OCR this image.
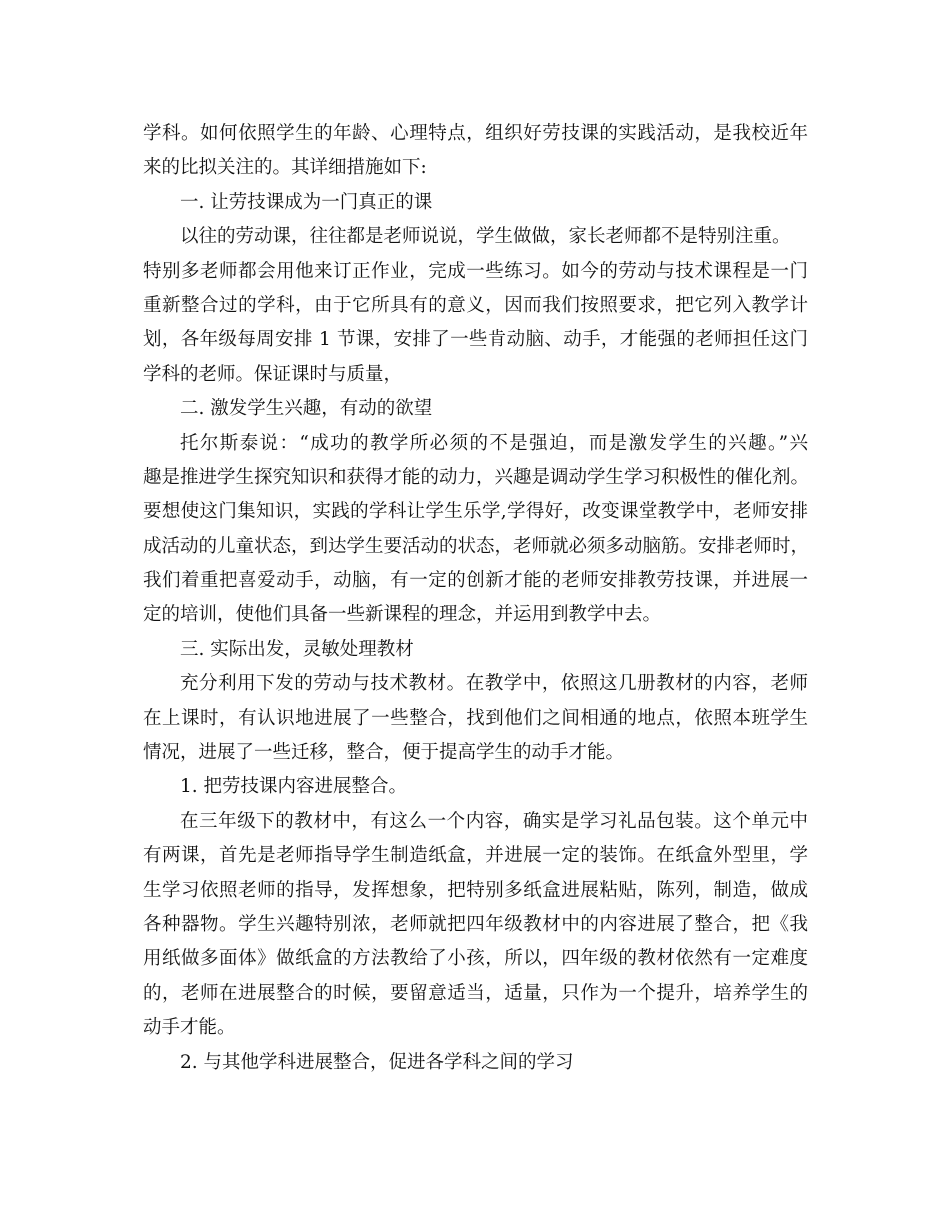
学科。如何依照学生的年龄、心理特点，组织好劳技课的实践活动，是我校近年
来的比拟关注的。其详细措施如下:
一. 让劳技课成为一门真正的课
以往的劳动课，往往都是老师说说，学生做做，家长老师都不是特别注重。
特别多老师都会用他来订正作业，完成一些练习。如今的劳动与技术课程是一门
重新整合过的学科，由于它所具有的意义，因而我们按照要求，把它列入教学计
划，各年级每周安排 1 节课，安排了一些肯动脑、动手，才能强的老师担任这门
学科的老师。保证课时与质量，
二. 激发学生兴趣，有动的欲望
托尔斯泰说：“成功的教学所必须的不是强迫，而是激发学生的兴趣。”兴
趣是推进学生探究知识和获得才能的动力，兴趣是调动学生学习积极性的催化剂。
要想使这门集知识，实践的学科让学生乐学,学得好，改变课堂教学中，老师安排
成活动的儿童状态，到达学生要活动的状态，老师就必须多动脑筋。安排老师时，
我们着重把喜爱动手，动脑，有一定的创新才能的老师安排教劳技课，并进展一
定的培训，使他们具备一些新课程的理念，并运用到教学中去。
三. 实际出发，灵敏处理教材
充分利用下发的劳动与技术教材。在教学中，依照这几册教材的内容，老师
在上课时，有认识地进展了一些整合，找到他们之间相通的地点，依照本班学生
情况，进展了一些迁移，整合，便于提高学生的动手才能。
1. 把劳技课内容进展整合。
在三年级下的教材中，有这么一个内容，确实是学习礼品包装。这个单元中
有两课，首先是老师指导学生制造纸盒，并进展一定的装饰。在纸盒外型里，学
生学习依照老师的指导，发挥想象，把特别多纸盒进展粘贴，陈列，制造，做成
各种器物。学生兴趣特别浓，老师就把四年级教材中的内容进展了整合，把《我
用纸做多面体》做纸盒的方法教给了小孩，所以，四年级的教材依然有一定难度
的，老师在进展整合的时候，要留意适当，适量，只作为一个提升，培养学生的
动手才能。
2. 与其他学科进展整合，促进各学科之间的学习
